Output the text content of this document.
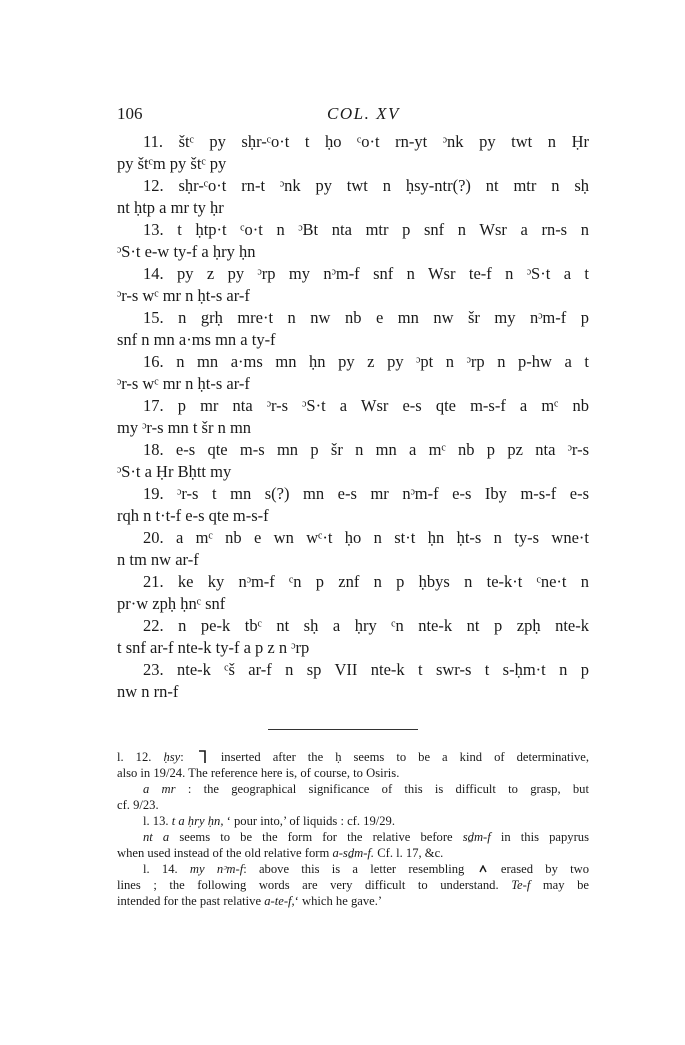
106	COL. XV
11. štᶜ py sḥr-ᶜo·t t ḥo ᶜo·t rn-yt ᵓnk py twt n Ḥr
py štᶜm py štᶜ py
12. sḥr-ᶜo·t rn-t ᵓnk py twt n ḥsy-ntr(?) nt mtr n sḥ
nt ḥtp a mr ty ḥr
13. t ḥtp·t ᶜo·t n ᵓBt nta mtr p snf n Wsr a rn-s n
ᵓS·t e-w ty-f a ḥry ḥn
14. py z py ᵓrp my nᵓm-f snf n Wsr te-f n ᵓS·t a t
ᵓr-s wᶜ mr n ḥt-s ar-f
15. n grḥ mre·t n nw nb e mn nw šr my nᵓm-f p
snf n mn a·ms mn a ty-f
16. n mn a·ms mn ḥn py z py ᵓpt n ᵓrp n p-hw a t
ᵓr-s wᶜ mr n ḥt-s ar-f
17. p mr nta ᵓr-s ᵓS·t a Wsr e-s qte m-s-f a mᶜ nb
my ᵓr-s mn t šr n mn
18. e-s qte m-s mn p šr n mn a mᶜ nb p pz nta ᵓr-s
ᵓS·t a Ḥr Bḥtt my
19. ᵓr-s t mn s(?) mn e-s mr nᵓm-f e-s Iby m-s-f e-s
rqh n t·t-f e-s qte m-s-f
20. a mᶜ nb e wn wᶜ·t ḥo n st·t ḥn ḥt-s n ty-s wne·t
n tm nw ar-f
21. ke ky nᵓm-f ᶜn p znf n p ḥbys n te-k·t ᶜne·t n
pr·w zpḥ ḥnᶜ snf
22. n pe-k tbᶜ nt sḥ a ḥry ᶜn nte-k nt p zpḥ nte-k
t snf ar-f nte-k ty-f a p z n ᵓrp
23. nte-k ᶜš ar-f n sp VII nte-k t swr-s t s-ḥm·t n p
nw n rn-f
l. 12. ḥsy:	inserted after the ḥ seems to be a kind of determinative,
also in 19/24. The reference here is, of course, to Osiris.
a mr : the geographical significance of this is difficult to grasp, but
cf. 9/23.
l. 13. t a ḥry ḥn, ‘ pour into,’ of liquids : cf. 19/29.
nt a seems to be the form for the relative before sḏm-f in this papyrus
when used instead of the old relative form a-sḏm-f. Cf. l. 17, &c.
l. 14. my nᵓm-f: above this is a letter resembling	erased by two
lines ; the following words are very difficult to understand. Te-f may be
intended for the past relative a-te-f,‘ which he gave.’
